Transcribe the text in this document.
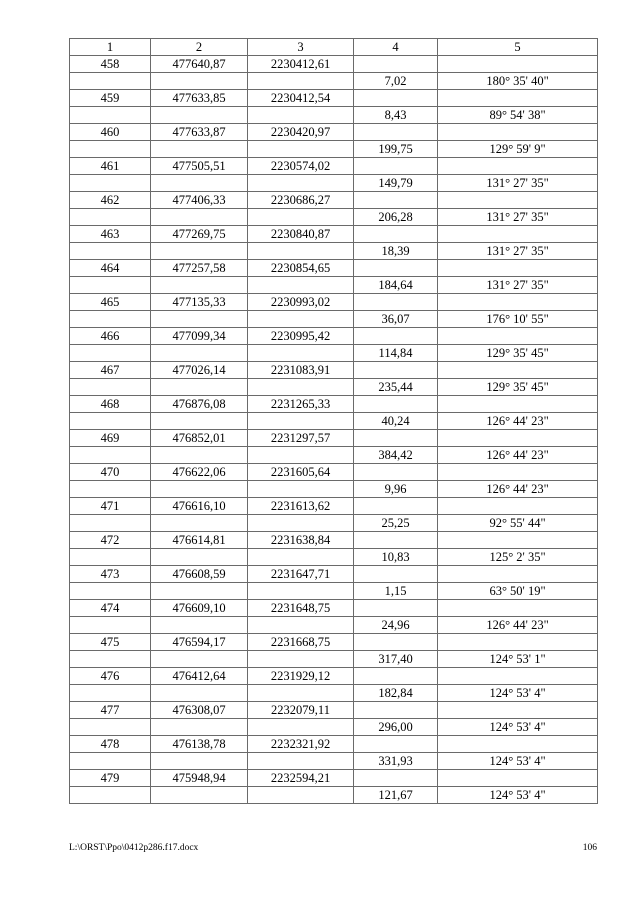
1	2	3	4	5
458	477640,87	2230412,61		
			7,02	180° 35' 40"
459	477633,85	2230412,54		
			8,43	89° 54' 38"
460	477633,87	2230420,97		
			199,75	129° 59' 9"
461	477505,51	2230574,02		
			149,79	131° 27' 35"
462	477406,33	2230686,27		
			206,28	131° 27' 35"
463	477269,75	2230840,87		
			18,39	131° 27' 35"
464	477257,58	2230854,65		
			184,64	131° 27' 35"
465	477135,33	2230993,02		
			36,07	176° 10' 55"
466	477099,34	2230995,42		
			114,84	129° 35' 45"
467	477026,14	2231083,91		
			235,44	129° 35' 45"
468	476876,08	2231265,33		
			40,24	126° 44' 23"
469	476852,01	2231297,57		
			384,42	126° 44' 23"
470	476622,06	2231605,64		
			9,96	126° 44' 23"
471	476616,10	2231613,62		
			25,25	92° 55' 44"
472	476614,81	2231638,84		
			10,83	125° 2' 35"
473	476608,59	2231647,71		
			1,15	63° 50' 19"
474	476609,10	2231648,75		
			24,96	126° 44' 23"
475	476594,17	2231668,75		
			317,40	124° 53' 1"
476	476412,64	2231929,12		
			182,84	124° 53' 4"
477	476308,07	2232079,11		
			296,00	124° 53' 4"
478	476138,78	2232321,92		
			331,93	124° 53' 4"
479	475948,94	2232594,21		
			121,67	124° 53' 4"
L:\ORST\Ppo\0412p286.f17.docx	106
